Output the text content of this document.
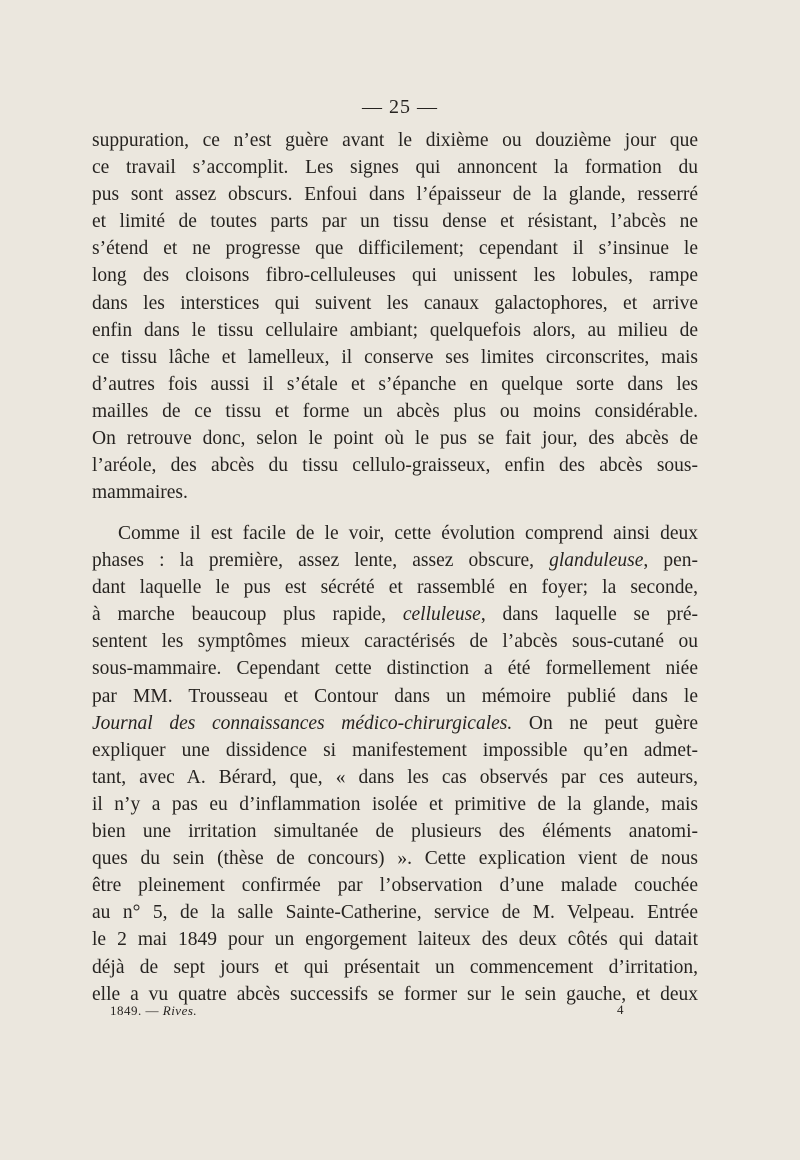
— 25 —
suppuration, ce n’est guère avant le dixième ou douzième jour que
ce travail s’accomplit. Les signes qui annoncent la formation du
pus sont assez obscurs. Enfoui dans l’épaisseur de la glande, resserré
et limité de toutes parts par un tissu dense et résistant, l’abcès ne
s’étend et ne progresse que difficilement; cependant il s’insinue le
long des cloisons fibro-celluleuses qui unissent les lobules, rampe
dans les interstices qui suivent les canaux galactophores, et arrive
enfin dans le tissu cellulaire ambiant; quelquefois alors, au milieu de
ce tissu lâche et lamelleux, il conserve ses limites circonscrites, mais
d’autres fois aussi il s’étale et s’épanche en quelque sorte dans les
mailles de ce tissu et forme un abcès plus ou moins considérable.
On retrouve donc, selon le point où le pus se fait jour, des abcès de
l’aréole, des abcès du tissu cellulo-graisseux, enfin des abcès sous-
mammaires.
Comme il est facile de le voir, cette évolution comprend ainsi deux
phases : la première, assez lente, assez obscure, glanduleuse, pen-
dant laquelle le pus est sécrété et rassemblé en foyer; la seconde,
à marche beaucoup plus rapide, celluleuse, dans laquelle se pré-
sentent les symptômes mieux caractérisés de l’abcès sous-cutané ou
sous-mammaire. Cependant cette distinction a été formellement niée
par MM. Trousseau et Contour dans un mémoire publié dans le
Journal des connaissances médico-chirurgicales. On ne peut guère
expliquer une dissidence si manifestement impossible qu’en admet-
tant, avec A. Bérard, que, « dans les cas observés par ces auteurs,
il n’y a pas eu d’inflammation isolée et primitive de la glande, mais
bien une irritation simultanée de plusieurs des éléments anatomi-
ques du sein (thèse de concours) ». Cette explication vient de nous
être pleinement confirmée par l’observation d’une malade couchée
au n° 5, de la salle Sainte-Catherine, service de M. Velpeau. Entrée
le 2 mai 1849 pour un engorgement laiteux des deux côtés qui datait
déjà de sept jours et qui présentait un commencement d’irritation,
elle a vu quatre abcès successifs se former sur le sein gauche, et deux
1849. — Rives.	4
